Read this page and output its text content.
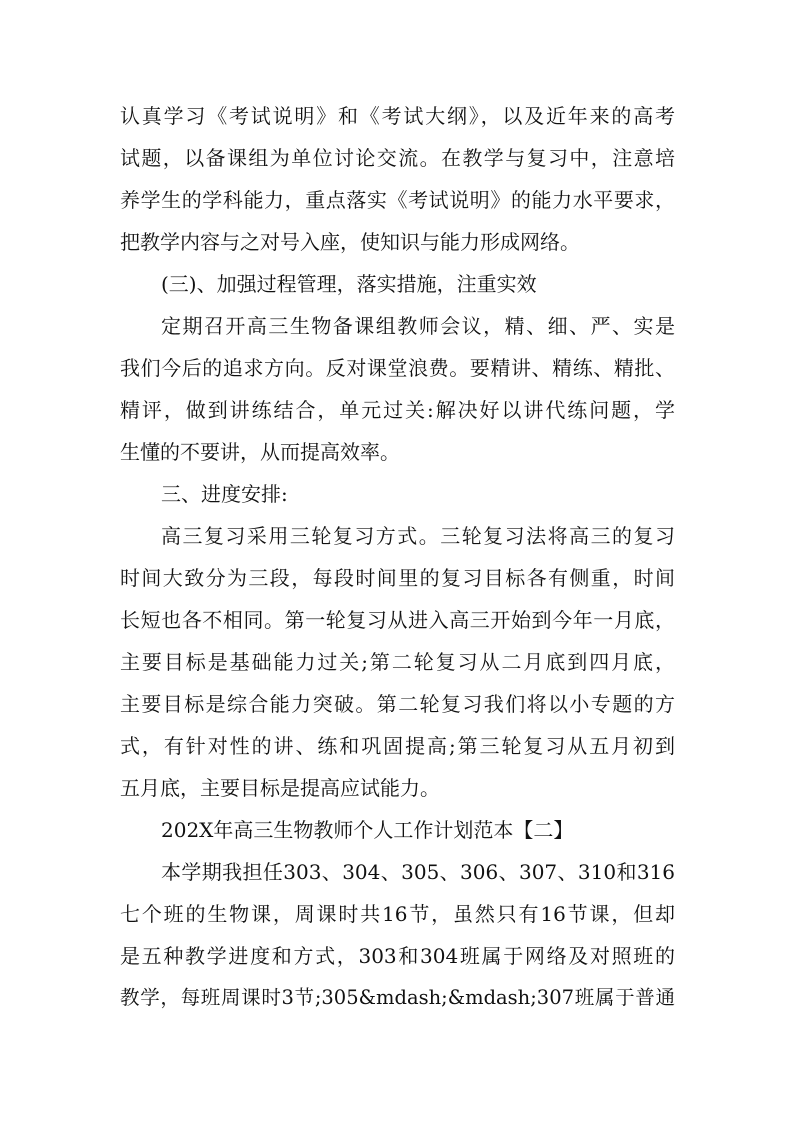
认真学习《考试说明》和《考试大纲》，以及近年来的高考
试题，以备课组为单位讨论交流。在教学与复习中，注意培
养学生的学科能力，重点落实《考试说明》的能力水平要求，
把教学内容与之对号入座，使知识与能力形成网络。
(三)、加强过程管理，落实措施，注重实效
定期召开高三生物备课组教师会议，精、细、严、实是
我们今后的追求方向。反对课堂浪费。要精讲、精练、精批、
精评，做到讲练结合，单元过关:解决好以讲代练问题，学
生懂的不要讲，从而提高效率。
三、进度安排:
高三复习采用三轮复习方式。三轮复习法将高三的复习
时间大致分为三段，每段时间里的复习目标各有侧重，时间
长短也各不相同。第一轮复习从进入高三开始到今年一月底，
主要目标是基础能力过关;第二轮复习从二月底到四月底，
主要目标是综合能力突破。第二轮复习我们将以小专题的方
式，有针对性的讲、练和巩固提高;第三轮复习从五月初到
五月底，主要目标是提高应试能力。
202X年高三生物教师个人工作计划范本【二】
本学期我担任303、304、305、306、307、310和316
七个班的生物课，周课时共16节，虽然只有16节课，但却
是五种教学进度和方式，303和304班属于网络及对照班的
教学，每班周课时3节;305&mdash;&mdash;307班属于普通
